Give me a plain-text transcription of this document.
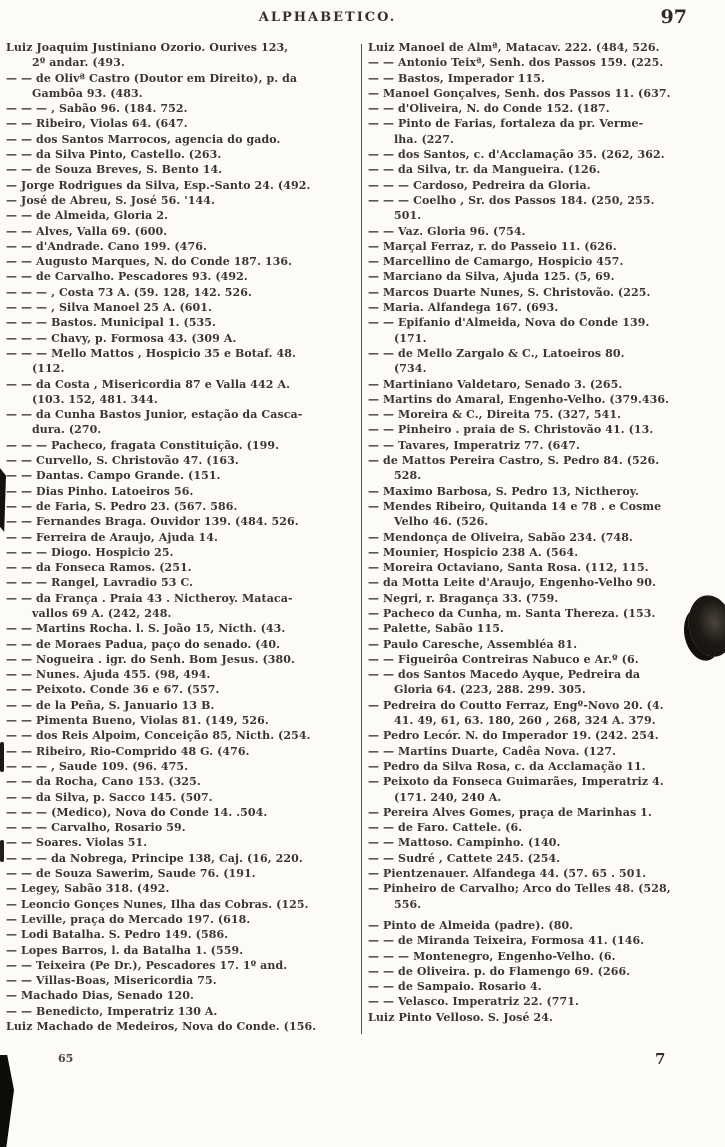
ALPHABETICO.	97
Luiz Joaquim Justiniano Ozorio. Ourives 123,
2º andar. (493.
— — de Olivª Castro (Doutor em Direito), p. da
Gambôa 93. (483.
— — — , Sabão 96. (184. 752.
— — Ribeiro, Violas 64. (647.
— — dos Santos Marrocos, agencia do gado.
— — da Silva Pinto, Castello. (263.
— — de Souza Breves, S. Bento 14.
— Jorge Rodrigues da Silva, Esp.-Santo 24. (492.
— José de Abreu, S. José 56. '144.
— — de Almeida, Gloria 2.
— — Alves, Valla 69. (600.
— — d'Andrade. Cano 199. (476.
— — Augusto Marques, N. do Conde 187. 136.
— — de Carvalho. Pescadores 93. (492.
— — — , Costa 73 A. (59. 128, 142. 526.
— — — , Silva Manoel 25 A. (601.
— — — Bastos. Municipal 1. (535.
— — — Chavy, p. Formosa 43. (309 A.
— — — Mello Mattos , Hospicio 35 e Botaf. 48.
(112.
— — da Costa , Misericordia 87 e Valla 442 A.
(103. 152, 481. 344.
— — da Cunha Bastos Junior, estação da Casca-
dura. (270.
— — — Pacheco, fragata Constituição. (199.
— — Curvello, S. Christovão 47. (163.
— — Dantas. Campo Grande. (151.
— — Dias Pinho. Latoeiros 56.
— — de Faria, S. Pedro 23. (567. 586.
— — Fernandes Braga. Ouvidor 139. (484. 526.
— — Ferreira de Araujo, Ajuda 14.
— — — Diogo. Hospicio 25.
— — da Fonseca Ramos. (251.
— — — Rangel, Lavradio 53 C.
— — da França . Praia 43 . Nictheroy. Mataca-
vallos 69 A. (242, 248.
— — Martins Rocha. l. S. João 15, Nicth. (43.
— — de Moraes Padua, paço do senado. (40.
— — Nogueira . igr. do Senh. Bom Jesus. (380.
— — Nunes. Ajuda 455. (98, 494.
— — Peixoto. Conde 36 e 67. (557.
— — de la Peña, S. Januario 13 B.
— — Pimenta Bueno, Violas 81. (149, 526.
— — dos Reis Alpoim, Conceição 85, Nicth. (254.
— — Ribeiro, Rio-Comprido 48 G. (476.
— — — , Saude 109. (96. 475.
— — da Rocha, Cano 153. (325.
— — da Silva, p. Sacco 145. (507.
— — — (Medico), Nova do Conde 14. .504.
— — — Carvalho, Rosario 59.
— — Soares. Violas 51.
— — — da Nobrega, Principe 138, Caj. (16, 220.
— — de Souza Sawerim, Saude 76. (191.
— Legey, Sabão 318. (492.
— Leoncio Gonçes Nunes, Ilha das Cobras. (125.
— Leville, praça do Mercado 197. (618.
— Lodi Batalha. S. Pedro 149. (586.
— Lopes Barros, l. da Batalha 1. (559.
— — Teixeira (Pe Dr.), Pescadores 17. 1º and.
— — Villas-Boas, Misericordia 75.
— Machado Dias, Senado 120.
— — Benedicto, Imperatriz 130 A.
Luiz Machado de Medeiros, Nova do Conde. (156.
Luiz Manoel de Almª, Matacav. 222. (484, 526.
— — Antonio Teixª, Senh. dos Passos 159. (225.
— — Bastos, Imperador 115.
— Manoel Gonçalves, Senh. dos Passos 11. (637.
— — d'Oliveira, N. do Conde 152. (187.
— — Pinto de Farias, fortaleza da pr. Verme-
lha. (227.
— — dos Santos, c. d'Acclamação 35. (262, 362.
— — da Silva, tr. da Mangueira. (126.
— — — Cardoso, Pedreira da Gloria.
— — — Coelho , Sr. dos Passos 184. (250, 255.
501.
— — Vaz. Gloria 96. (754.
— Marçal Ferraz, r. do Passeio 11. (626.
— Marcellino de Camargo, Hospicio 457.
— Marciano da Silva, Ajuda 125. (5, 69.
— Marcos Duarte Nunes, S. Christovão. (225.
— Maria. Alfandega 167. (693.
— — Epifanio d'Almeida, Nova do Conde 139.
(171.
— — de Mello Zargalo & C., Latoeiros 80.
(734.
— Martiniano Valdetaro, Senado 3. (265.
— Martins do Amaral, Engenho-Velho. (379.436.
— — Moreira & C., Direita 75. (327, 541.
— — Pinheiro . praia de S. Christovão 41. (13.
— — Tavares, Imperatriz 77. (647.
— de Mattos Pereira Castro, S. Pedro 84. (526.
528.
— Maximo Barbosa, S. Pedro 13, Nictheroy.
— Mendes Ribeiro, Quitanda 14 e 78 . e Cosme
Velho 46. (526.
— Mendonça de Oliveira, Sabão 234. (748.
— Mounier, Hospicio 238 A. (564.
— Moreira Octaviano, Santa Rosa. (112, 115.
— da Motta Leite d'Araujo, Engenho-Velho 90.
— Negri, r. Bragança 33. (759.
— Pacheco da Cunha, m. Santa Thereza. (153.
— Palette, Sabão 115.
— Paulo Caresche, Assembléa 81.
— — Figueirôa Contreiras Nabuco e Ar.º (6.
— — dos Santos Macedo Ayque, Pedreira da
Gloria 64. (223, 288. 299. 305.
— Pedreira do Coutto Ferraz, Engº-Novo 20. (4.
41. 49, 61, 63. 180, 260 , 268, 324 A. 379.
— Pedro Lecór. N. do Imperador 19. (242. 254.
— — Martins Duarte, Cadêa Nova. (127.
— Pedro da Silva Rosa, c. da Acclamação 11.
— Peixoto da Fonseca Guimarães, Imperatriz 4.
(171. 240, 240 A.
— Pereira Alves Gomes, praça de Marinhas 1.
— — de Faro. Cattele. (6.
— — Mattoso. Campinho. (140.
— — Sudré , Cattete 245. (254.
— Pientzenauer. Alfandega 44. (57. 65 . 501.
— Pinheiro de Carvalho; Arco do Telles 48. (528,
556.
— Pinto de Almeida (padre). (80.
— — de Miranda Teixeira, Formosa 41. (146.
— — — Montenegro, Engenho-Velho. (6.
— — de Oliveira. p. do Flamengo 69. (266.
— — de Sampaio. Rosario 4.
— — Velasco. Imperatriz 22. (771.
Luiz Pinto Velloso. S. José 24.
65	7
